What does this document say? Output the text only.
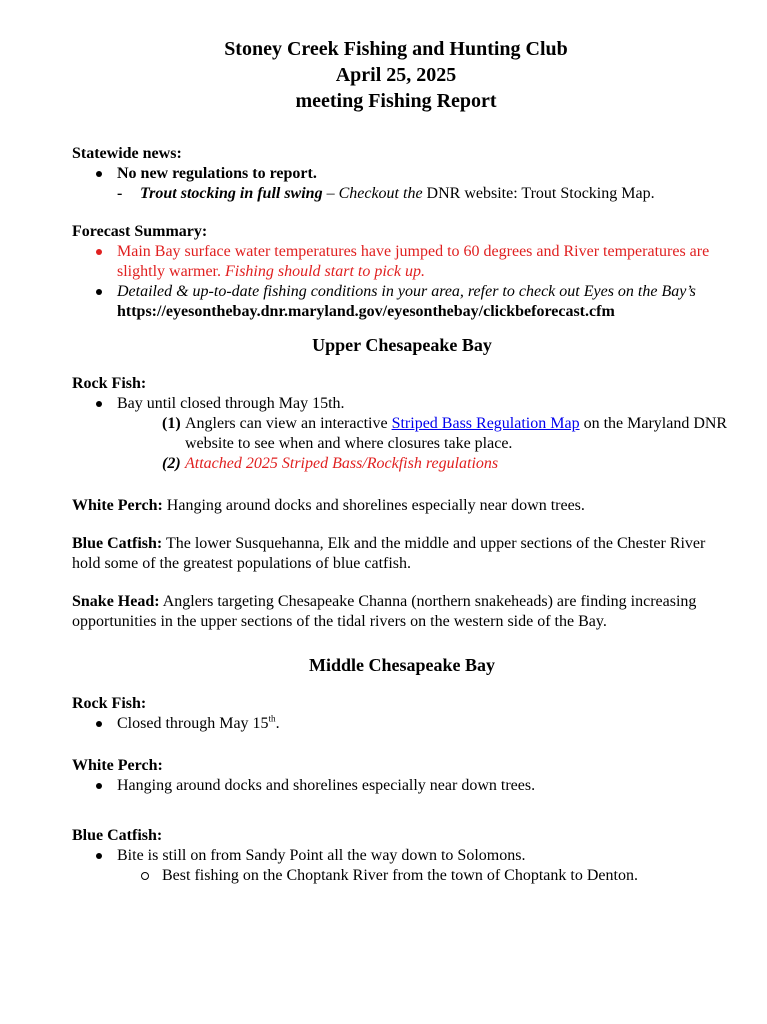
Stoney Creek Fishing and Hunting Club
April 25, 2025
meeting Fishing Report
Statewide news:
No new regulations to report.
- Trout stocking in full swing – Checkout the DNR website: Trout Stocking Map.
Forecast Summary:
Main Bay surface water temperatures have jumped to 60 degrees and River temperatures are slightly warmer. Fishing should start to pick up.
Detailed & up-to-date fishing conditions in your area, refer to check out Eyes on the Bay’s https://eyesonthebay.dnr.maryland.gov/eyesonthebay/clickbeforecast.cfm
Upper Chesapeake Bay
Rock Fish:
Bay until closed through May 15th.
(1) Anglers can view an interactive Striped Bass Regulation Map on the Maryland DNR website to see when and where closures take place.
(2) Attached 2025 Striped Bass/Rockfish regulations
White Perch: Hanging around docks and shorelines especially near down trees.
Blue Catfish: The lower Susquehanna, Elk and the middle and upper sections of the Chester River hold some of the greatest populations of blue catfish.
Snake Head: Anglers targeting Chesapeake Channa (northern snakeheads) are finding increasing opportunities in the upper sections of the tidal rivers on the western side of the Bay.
Middle Chesapeake Bay
Rock Fish:
Closed through May 15th.
White Perch:
Hanging around docks and shorelines especially near down trees.
Blue Catfish:
Bite is still on from Sandy Point all the way down to Solomons.
Best fishing on the Choptank River from the town of Choptank to Denton.
